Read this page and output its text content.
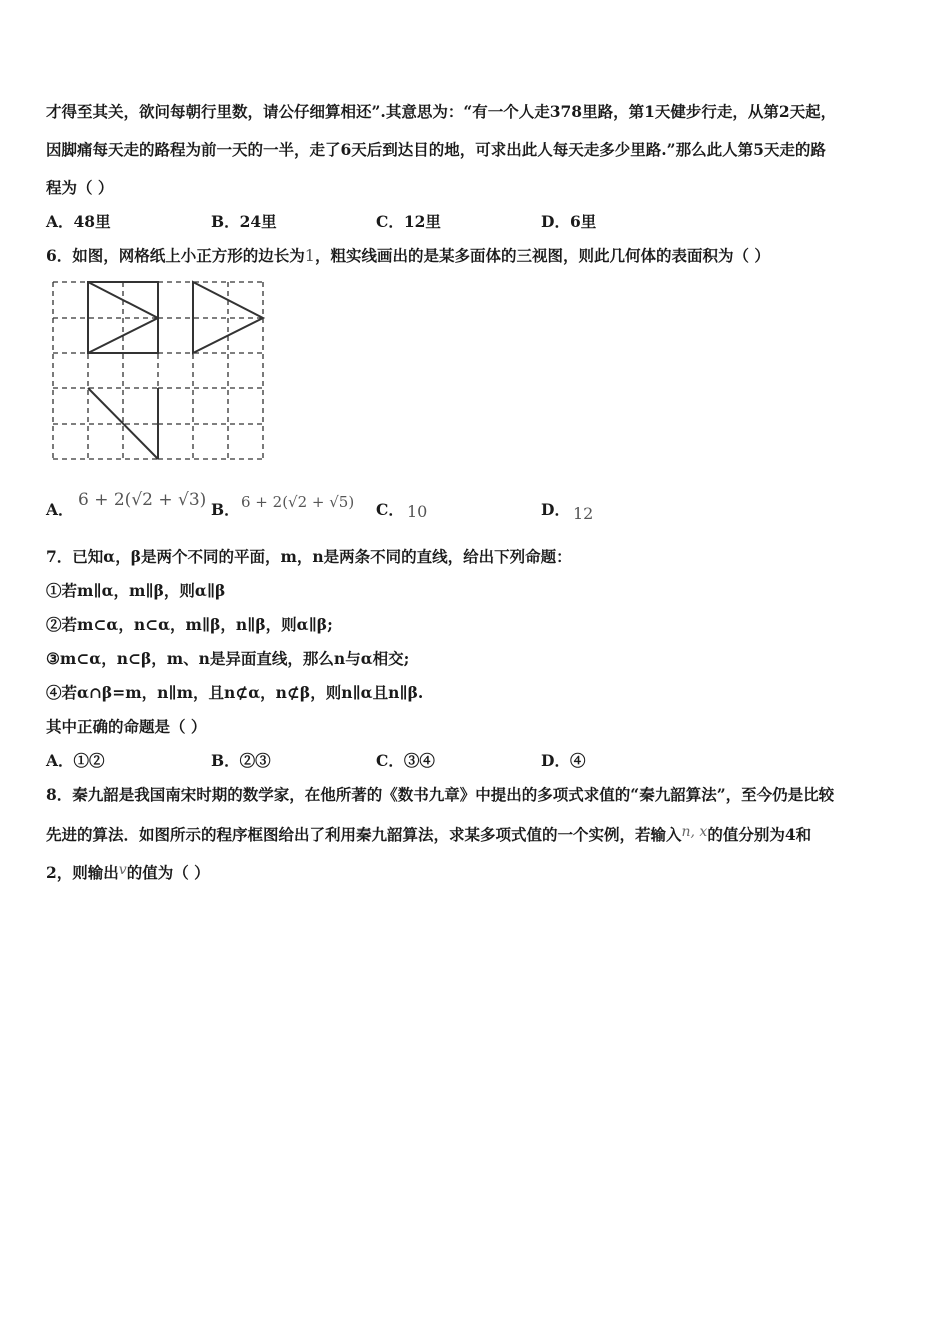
才得至其关，欲问每朝行里数，请公仔细算相还”.其意思为：“有一个人走378里路，第1天健步行走，从第2天起，
因脚痛每天走的路程为前一天的一半，走了6天后到达目的地，可求出此人每天走多少里路.”那么此人第5天走的路
程为（ ）
A．48里	B．24里	C．12里	D．6里
6．如图，网格纸上小正方形的边长为1，粗实线画出的是某多面体的三视图，则此几何体的表面积为（ ）
A． 6 + 2(√2 + √3) B． 6 + 2(√2 + √5) C． 10	D． 12
7．已知α，β是两个不同的平面，m，n是两条不同的直线，给出下列命题：
①若m∥α，m∥β，则α∥β
②若m⊂α，n⊂α，m∥β，n∥β，则α∥β;
③m⊂α，n⊂β，m、n是异面直线，那么n与α相交;
④若α∩β=m，n∥m，且n⊄α，n⊄β，则n∥α且n∥β.
其中正确的命题是（ ）
A．①②	B．②③	C．③④	D．④
8．秦九韶是我国南宋时期的数学家，在他所著的《数书九章》中提出的多项式求值的“秦九韶算法”，至今仍是比较
先进的算法．如图所示的程序框图给出了利用秦九韶算法，求某多项式值的一个实例，若输入n, x的值分别为4和
2，则输出v的值为（ ）
